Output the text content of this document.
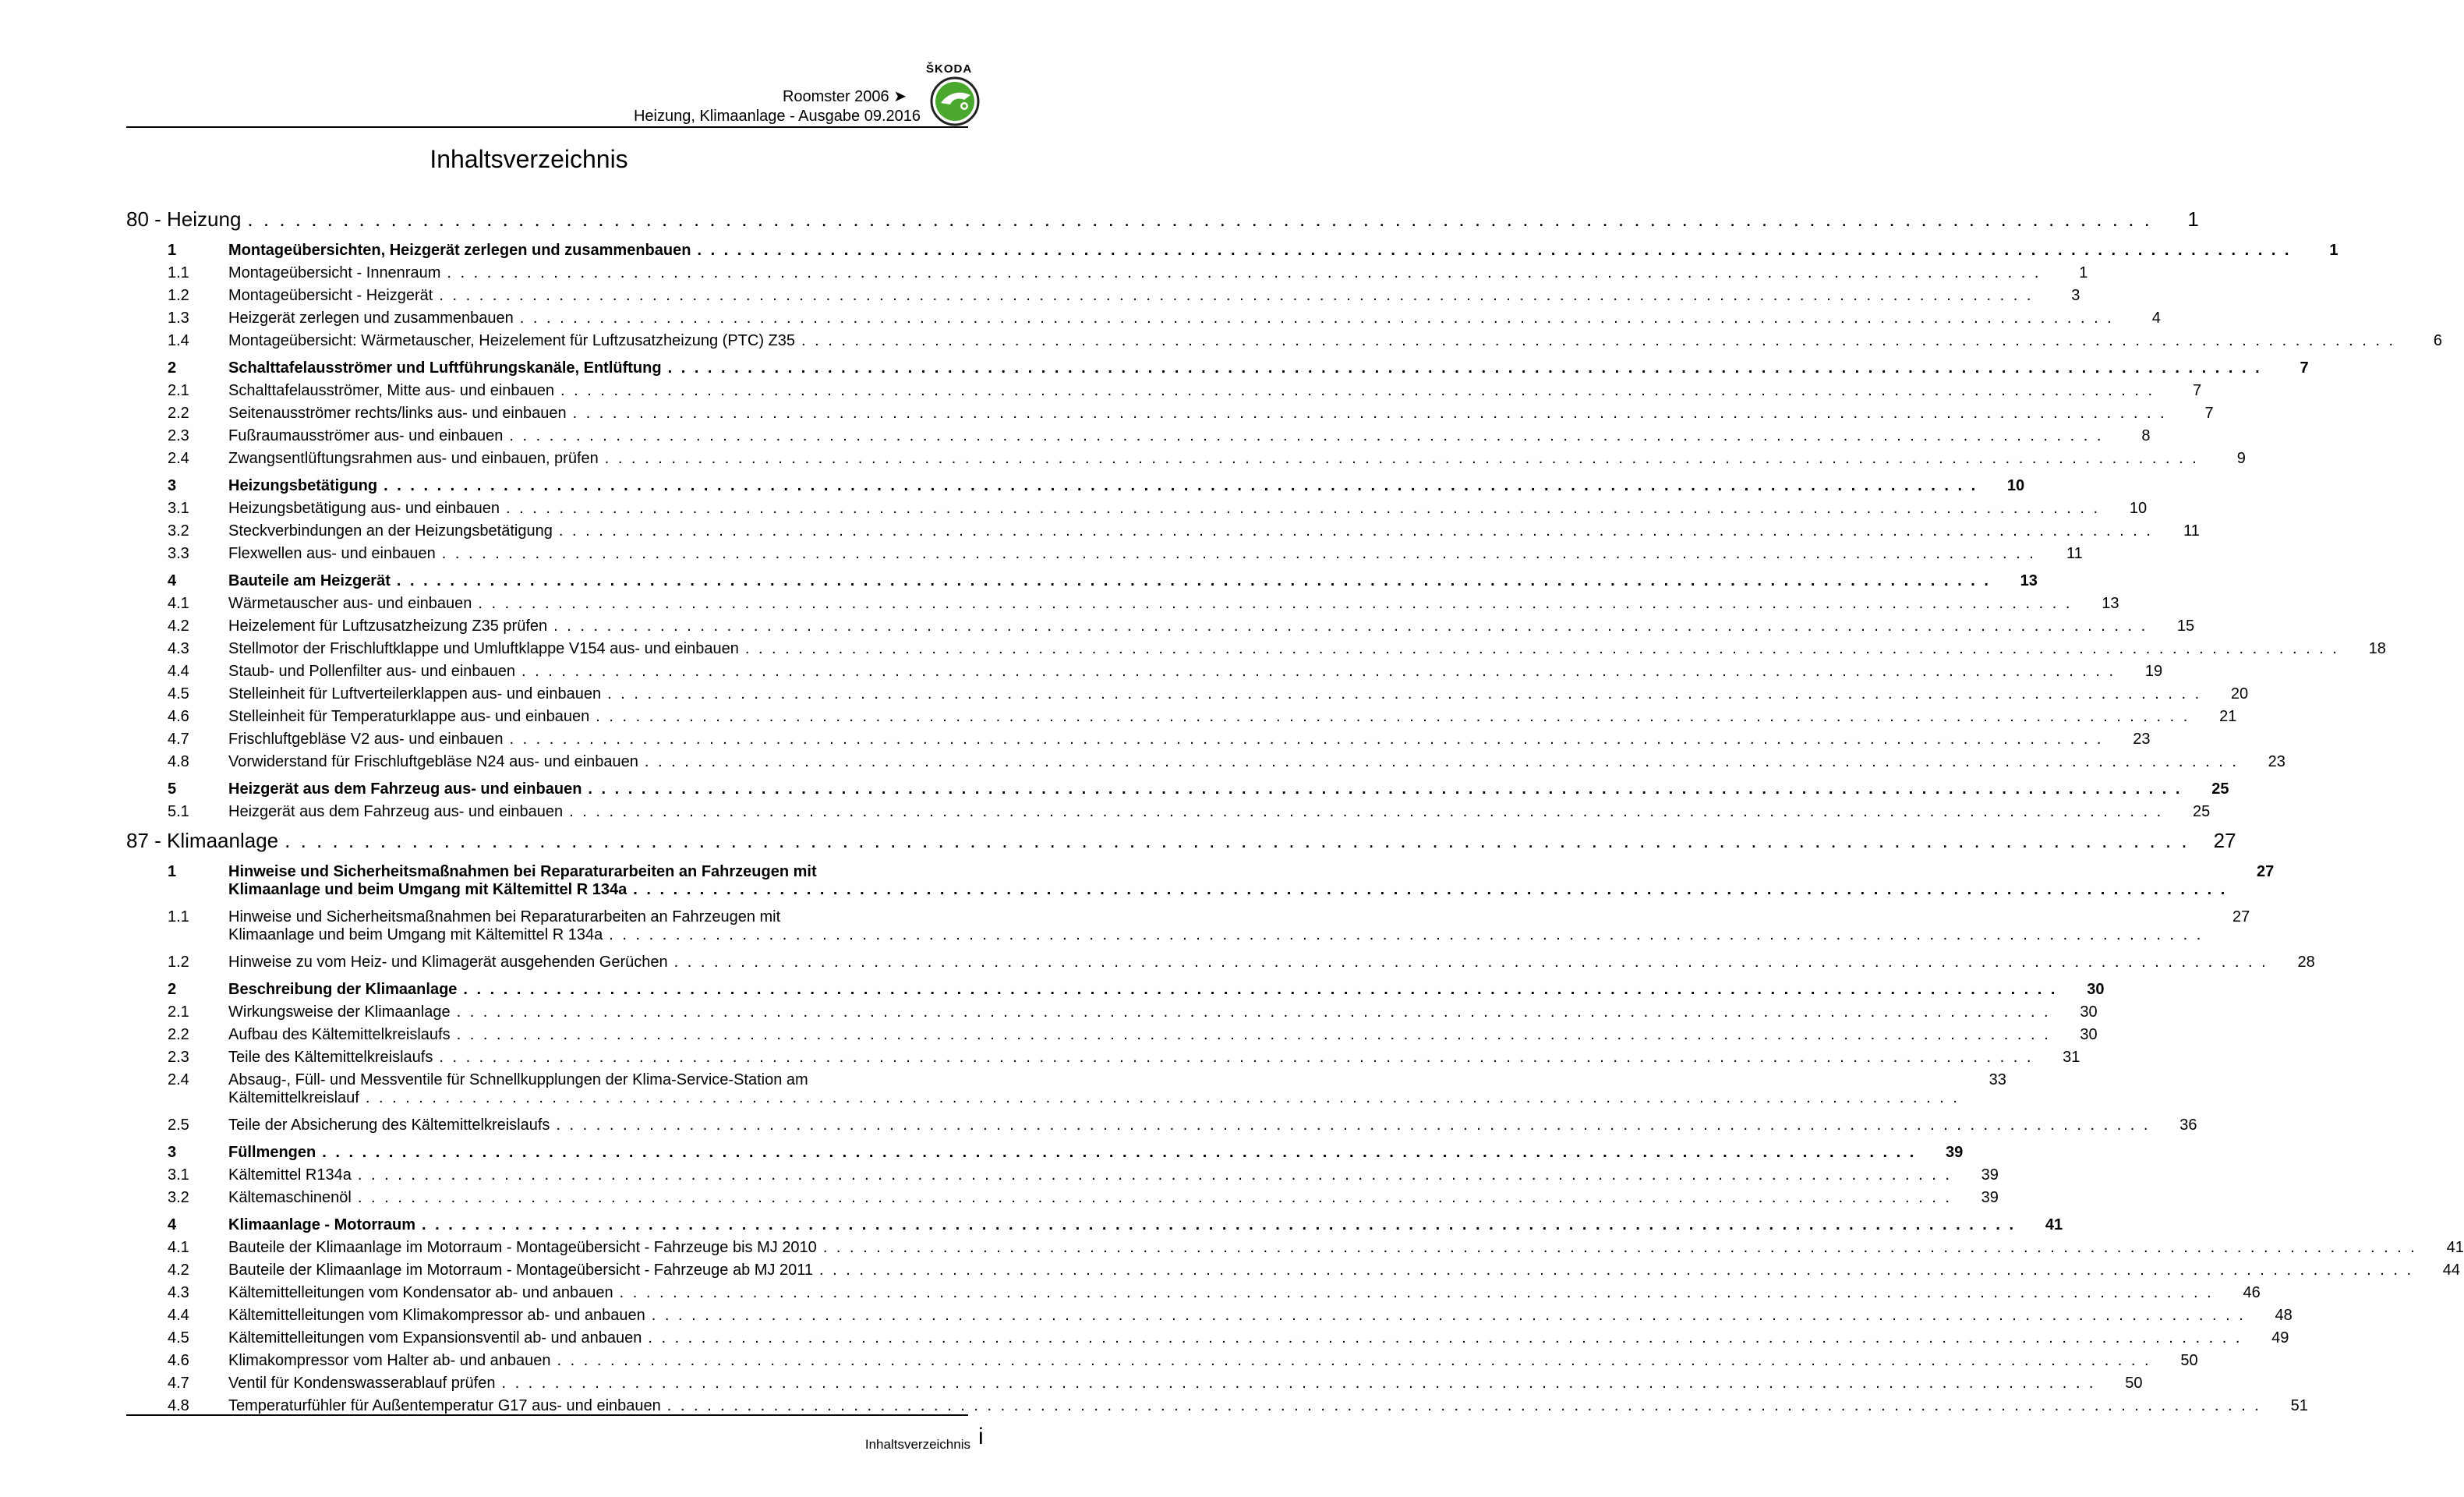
ŠKODA
Roomster 2006 ➤
Heizung, Klimaanlage - Ausgabe 09.2016
Inhaltsverzeichnis
80 - Heizung . . . . . . . . . . . . . . . . . . . . . . . . . . . . . . . . . . . . . . . . . . . . . . . . . . . . . . . . . . . . . . . . . . . . . . . . . . . . . . . . . . . . . . . . . . . . . . . . . . . . . . . . . . . . . . . . . . . . . . . .	1
1	Montageübersichten, Heizgerät zerlegen und zusammenbauen . . . . . . . . . . . . . . . . . . . . . . . . . . . . . . . . . . . . . . . . . . . . . . . . . . . . . . . . . . . . . . . . . . . . . . . . . . . . . . . . . . . . . . . . . . . . . . . . . . . . . . . . . . . . . . . . . . . . . . . .	1
1.1	Montageübersicht - Innenraum . . . . . . . . . . . . . . . . . . . . . . . . . . . . . . . . . . . . . . . . . . . . . . . . . . . . . . . . . . . . . . . . . . . . . . . . . . . . . . . . . . . . . . . . . . . . . . . . . . . . . . . . . . . . . . . . . . . . . . . .	1
1.2	Montageübersicht - Heizgerät . . . . . . . . . . . . . . . . . . . . . . . . . . . . . . . . . . . . . . . . . . . . . . . . . . . . . . . . . . . . . . . . . . . . . . . . . . . . . . . . . . . . . . . . . . . . . . . . . . . . . . . . . . . . . . . . . . . . . . . .	3
1.3	Heizgerät zerlegen und zusammenbauen . . . . . . . . . . . . . . . . . . . . . . . . . . . . . . . . . . . . . . . . . . . . . . . . . . . . . . . . . . . . . . . . . . . . . . . . . . . . . . . . . . . . . . . . . . . . . . . . . . . . . . . . . . . . . . . . . . . . . . . .	4
1.4	Montageübersicht: Wärmetauscher, Heizelement für Luftzusatzheizung (PTC) Z35 . . . . . . . . . . . . . . . . . . . . . . . . . . . . . . . . . . . . . . . . . . . . . . . . . . . . . . . . . . . . . . . . . . . . . . . . . . . . . . . . . . . . . . . . . . . . . . . . . . . . . . . . . . . . . . . . . . . . . . . .	6
2	Schalttafelausströmer und Luftführungskanäle, Entlüftung . . . . . . . . . . . . . . . . . . . . . . . . . . . . . . . . . . . . . . . . . . . . . . . . . . . . . . . . . . . . . . . . . . . . . . . . . . . . . . . . . . . . . . . . . . . . . . . . . . . . . . . . . . . . . . . . . . . . . . . .	7
2.1	Schalttafelausströmer, Mitte aus- und einbauen . . . . . . . . . . . . . . . . . . . . . . . . . . . . . . . . . . . . . . . . . . . . . . . . . . . . . . . . . . . . . . . . . . . . . . . . . . . . . . . . . . . . . . . . . . . . . . . . . . . . . . . . . . . . . . . . . . . . . . . .	7
2.2	Seitenausströmer rechts/links aus- und einbauen . . . . . . . . . . . . . . . . . . . . . . . . . . . . . . . . . . . . . . . . . . . . . . . . . . . . . . . . . . . . . . . . . . . . . . . . . . . . . . . . . . . . . . . . . . . . . . . . . . . . . . . . . . . . . . . . . . . . . . . .	7
2.3	Fußraumausströmer aus- und einbauen . . . . . . . . . . . . . . . . . . . . . . . . . . . . . . . . . . . . . . . . . . . . . . . . . . . . . . . . . . . . . . . . . . . . . . . . . . . . . . . . . . . . . . . . . . . . . . . . . . . . . . . . . . . . . . . . . . . . . . . .	8
2.4	Zwangsentlüftungsrahmen aus- und einbauen, prüfen . . . . . . . . . . . . . . . . . . . . . . . . . . . . . . . . . . . . . . . . . . . . . . . . . . . . . . . . . . . . . . . . . . . . . . . . . . . . . . . . . . . . . . . . . . . . . . . . . . . . . . . . . . . . . . . . . . . . . . . .	9
3	Heizungsbetätigung . . . . . . . . . . . . . . . . . . . . . . . . . . . . . . . . . . . . . . . . . . . . . . . . . . . . . . . . . . . . . . . . . . . . . . . . . . . . . . . . . . . . . . . . . . . . . . . . . . . . . . . . . . . . . . . . . . . . . . . .	10
3.1	Heizungsbetätigung aus- und einbauen . . . . . . . . . . . . . . . . . . . . . . . . . . . . . . . . . . . . . . . . . . . . . . . . . . . . . . . . . . . . . . . . . . . . . . . . . . . . . . . . . . . . . . . . . . . . . . . . . . . . . . . . . . . . . . . . . . . . . . . .	10
3.2	Steckverbindungen an der Heizungsbetätigung . . . . . . . . . . . . . . . . . . . . . . . . . . . . . . . . . . . . . . . . . . . . . . . . . . . . . . . . . . . . . . . . . . . . . . . . . . . . . . . . . . . . . . . . . . . . . . . . . . . . . . . . . . . . . . . . . . . . . . . .	11
3.3	Flexwellen aus- und einbauen . . . . . . . . . . . . . . . . . . . . . . . . . . . . . . . . . . . . . . . . . . . . . . . . . . . . . . . . . . . . . . . . . . . . . . . . . . . . . . . . . . . . . . . . . . . . . . . . . . . . . . . . . . . . . . . . . . . . . . . .	11
4	Bauteile am Heizgerät . . . . . . . . . . . . . . . . . . . . . . . . . . . . . . . . . . . . . . . . . . . . . . . . . . . . . . . . . . . . . . . . . . . . . . . . . . . . . . . . . . . . . . . . . . . . . . . . . . . . . . . . . . . . . . . . . . . . . . . .	13
4.1	Wärmetauscher aus- und einbauen . . . . . . . . . . . . . . . . . . . . . . . . . . . . . . . . . . . . . . . . . . . . . . . . . . . . . . . . . . . . . . . . . . . . . . . . . . . . . . . . . . . . . . . . . . . . . . . . . . . . . . . . . . . . . . . . . . . . . . . .	13
4.2	Heizelement für Luftzusatzheizung Z35 prüfen . . . . . . . . . . . . . . . . . . . . . . . . . . . . . . . . . . . . . . . . . . . . . . . . . . . . . . . . . . . . . . . . . . . . . . . . . . . . . . . . . . . . . . . . . . . . . . . . . . . . . . . . . . . . . . . . . . . . . . . .	15
4.3	Stellmotor der Frischluftklappe und Umluftklappe V154 aus- und einbauen . . . . . . . . . . . . . . . . . . . . . . . . . . . . . . . . . . . . . . . . . . . . . . . . . . . . . . . . . . . . . . . . . . . . . . . . . . . . . . . . . . . . . . . . . . . . . . . . . . . . . . . . . . . . . . . . . . . . . . . .	18
4.4	Staub- und Pollenfilter aus- und einbauen . . . . . . . . . . . . . . . . . . . . . . . . . . . . . . . . . . . . . . . . . . . . . . . . . . . . . . . . . . . . . . . . . . . . . . . . . . . . . . . . . . . . . . . . . . . . . . . . . . . . . . . . . . . . . . . . . . . . . . . .	19
4.5	Stelleinheit für Luftverteilerklappen aus- und einbauen . . . . . . . . . . . . . . . . . . . . . . . . . . . . . . . . . . . . . . . . . . . . . . . . . . . . . . . . . . . . . . . . . . . . . . . . . . . . . . . . . . . . . . . . . . . . . . . . . . . . . . . . . . . . . . . . . . . . . . . .	20
4.6	Stelleinheit für Temperaturklappe aus- und einbauen . . . . . . . . . . . . . . . . . . . . . . . . . . . . . . . . . . . . . . . . . . . . . . . . . . . . . . . . . . . . . . . . . . . . . . . . . . . . . . . . . . . . . . . . . . . . . . . . . . . . . . . . . . . . . . . . . . . . . . . .	21
4.7	Frischluftgebläse V2 aus- und einbauen . . . . . . . . . . . . . . . . . . . . . . . . . . . . . . . . . . . . . . . . . . . . . . . . . . . . . . . . . . . . . . . . . . . . . . . . . . . . . . . . . . . . . . . . . . . . . . . . . . . . . . . . . . . . . . . . . . . . . . . .	23
4.8	Vorwiderstand für Frischluftgebläse N24 aus- und einbauen . . . . . . . . . . . . . . . . . . . . . . . . . . . . . . . . . . . . . . . . . . . . . . . . . . . . . . . . . . . . . . . . . . . . . . . . . . . . . . . . . . . . . . . . . . . . . . . . . . . . . . . . . . . . . . . . . . . . . . . .	23
5	Heizgerät aus dem Fahrzeug aus- und einbauen . . . . . . . . . . . . . . . . . . . . . . . . . . . . . . . . . . . . . . . . . . . . . . . . . . . . . . . . . . . . . . . . . . . . . . . . . . . . . . . . . . . . . . . . . . . . . . . . . . . . . . . . . . . . . . . . . . . . . . . .	25
5.1	Heizgerät aus dem Fahrzeug aus- und einbauen . . . . . . . . . . . . . . . . . . . . . . . . . . . . . . . . . . . . . . . . . . . . . . . . . . . . . . . . . . . . . . . . . . . . . . . . . . . . . . . . . . . . . . . . . . . . . . . . . . . . . . . . . . . . . . . . . . . . . . . .	25
87 - Klimaanlage . . . . . . . . . . . . . . . . . . . . . . . . . . . . . . . . . . . . . . . . . . . . . . . . . . . . . . . . . . . . . . . . . . . . . . . . . . . . . . . . . . . . . . . . . . . . . . . . . . . . . . . . . . . . . . . . . . . . . . . .	27
1	Hinweise und Sicherheitsmaßnahmen bei Reparaturarbeiten an Fahrzeugen mit
Klimaanlage und beim Umgang mit Kältemittel R 134a . . . . . . . . . . . . . . . . . . . . . . . . . . . . . . . . . . . . . . . . . . . . . . . . . . . . . . . . . . . . . . . . . . . . . . . . . . . . . . . . . . . . . . . . . . . . . . . . . . . . . . . . . . . . . . . . . . . . . . . .
27
1.1	Hinweise und Sicherheitsmaßnahmen bei Reparaturarbeiten an Fahrzeugen mit
Klimaanlage und beim Umgang mit Kältemittel R 134a . . . . . . . . . . . . . . . . . . . . . . . . . . . . . . . . . . . . . . . . . . . . . . . . . . . . . . . . . . . . . . . . . . . . . . . . . . . . . . . . . . . . . . . . . . . . . . . . . . . . . . . . . . . . . . . . . . . . . . . .
27
1.2	Hinweise zu vom Heiz- und Klimagerät ausgehenden Gerüchen . . . . . . . . . . . . . . . . . . . . . . . . . . . . . . . . . . . . . . . . . . . . . . . . . . . . . . . . . . . . . . . . . . . . . . . . . . . . . . . . . . . . . . . . . . . . . . . . . . . . . . . . . . . . . . . . . . . . . . . .	28
2	Beschreibung der Klimaanlage . . . . . . . . . . . . . . . . . . . . . . . . . . . . . . . . . . . . . . . . . . . . . . . . . . . . . . . . . . . . . . . . . . . . . . . . . . . . . . . . . . . . . . . . . . . . . . . . . . . . . . . . . . . . . . . . . . . . . . . .	30
2.1	Wirkungsweise der Klimaanlage . . . . . . . . . . . . . . . . . . . . . . . . . . . . . . . . . . . . . . . . . . . . . . . . . . . . . . . . . . . . . . . . . . . . . . . . . . . . . . . . . . . . . . . . . . . . . . . . . . . . . . . . . . . . . . . . . . . . . . . .	30
2.2	Aufbau des Kältemittelkreislaufs . . . . . . . . . . . . . . . . . . . . . . . . . . . . . . . . . . . . . . . . . . . . . . . . . . . . . . . . . . . . . . . . . . . . . . . . . . . . . . . . . . . . . . . . . . . . . . . . . . . . . . . . . . . . . . . . . . . . . . . .	30
2.3	Teile des Kältemittelkreislaufs . . . . . . . . . . . . . . . . . . . . . . . . . . . . . . . . . . . . . . . . . . . . . . . . . . . . . . . . . . . . . . . . . . . . . . . . . . . . . . . . . . . . . . . . . . . . . . . . . . . . . . . . . . . . . . . . . . . . . . . .	31
2.4	Absaug-, Füll- und Messventile für Schnellkupplungen der Klima-Service-Station am
Kältemittelkreislauf . . . . . . . . . . . . . . . . . . . . . . . . . . . . . . . . . . . . . . . . . . . . . . . . . . . . . . . . . . . . . . . . . . . . . . . . . . . . . . . . . . . . . . . . . . . . . . . . . . . . . . . . . . . . . . . . . . . . . . . .
33
2.5	Teile der Absicherung des Kältemittelkreislaufs . . . . . . . . . . . . . . . . . . . . . . . . . . . . . . . . . . . . . . . . . . . . . . . . . . . . . . . . . . . . . . . . . . . . . . . . . . . . . . . . . . . . . . . . . . . . . . . . . . . . . . . . . . . . . . . . . . . . . . . .	36
3	Füllmengen . . . . . . . . . . . . . . . . . . . . . . . . . . . . . . . . . . . . . . . . . . . . . . . . . . . . . . . . . . . . . . . . . . . . . . . . . . . . . . . . . . . . . . . . . . . . . . . . . . . . . . . . . . . . . . . . . . . . . . . .	39
3.1	Kältemittel R134a . . . . . . . . . . . . . . . . . . . . . . . . . . . . . . . . . . . . . . . . . . . . . . . . . . . . . . . . . . . . . . . . . . . . . . . . . . . . . . . . . . . . . . . . . . . . . . . . . . . . . . . . . . . . . . . . . . . . . . . .	39
3.2	Kältemaschinenöl . . . . . . . . . . . . . . . . . . . . . . . . . . . . . . . . . . . . . . . . . . . . . . . . . . . . . . . . . . . . . . . . . . . . . . . . . . . . . . . . . . . . . . . . . . . . . . . . . . . . . . . . . . . . . . . . . . . . . . . .	39
4	Klimaanlage - Motorraum . . . . . . . . . . . . . . . . . . . . . . . . . . . . . . . . . . . . . . . . . . . . . . . . . . . . . . . . . . . . . . . . . . . . . . . . . . . . . . . . . . . . . . . . . . . . . . . . . . . . . . . . . . . . . . . . . . . . . . . .	41
4.1	Bauteile der Klimaanlage im Motorraum - Montageübersicht - Fahrzeuge bis MJ 2010 . . . . . . . . . . . . . . . . . . . . . . . . . . . . . . . . . . . . . . . . . . . . . . . . . . . . . . . . . . . . . . . . . . . . . . . . . . . . . . . . . . . . . . . . . . . . . . . . . . . . . . . . . . . . . . . . . . . . . . . .	41
4.2	Bauteile der Klimaanlage im Motorraum - Montageübersicht - Fahrzeuge ab MJ 2011 . . . . . . . . . . . . . . . . . . . . . . . . . . . . . . . . . . . . . . . . . . . . . . . . . . . . . . . . . . . . . . . . . . . . . . . . . . . . . . . . . . . . . . . . . . . . . . . . . . . . . . . . . . . . . . . . . . . . . . . .	44
4.3	Kältemittelleitungen vom Kondensator ab- und anbauen . . . . . . . . . . . . . . . . . . . . . . . . . . . . . . . . . . . . . . . . . . . . . . . . . . . . . . . . . . . . . . . . . . . . . . . . . . . . . . . . . . . . . . . . . . . . . . . . . . . . . . . . . . . . . . . . . . . . . . . .	46
4.4	Kältemittelleitungen vom Klimakompressor ab- und anbauen . . . . . . . . . . . . . . . . . . . . . . . . . . . . . . . . . . . . . . . . . . . . . . . . . . . . . . . . . . . . . . . . . . . . . . . . . . . . . . . . . . . . . . . . . . . . . . . . . . . . . . . . . . . . . . . . . . . . . . . .	48
4.5	Kältemittelleitungen vom Expansionsventil ab- und anbauen . . . . . . . . . . . . . . . . . . . . . . . . . . . . . . . . . . . . . . . . . . . . . . . . . . . . . . . . . . . . . . . . . . . . . . . . . . . . . . . . . . . . . . . . . . . . . . . . . . . . . . . . . . . . . . . . . . . . . . . .	49
4.6	Klimakompressor vom Halter ab- und anbauen . . . . . . . . . . . . . . . . . . . . . . . . . . . . . . . . . . . . . . . . . . . . . . . . . . . . . . . . . . . . . . . . . . . . . . . . . . . . . . . . . . . . . . . . . . . . . . . . . . . . . . . . . . . . . . . . . . . . . . . .	50
4.7	Ventil für Kondenswasserablauf prüfen . . . . . . . . . . . . . . . . . . . . . . . . . . . . . . . . . . . . . . . . . . . . . . . . . . . . . . . . . . . . . . . . . . . . . . . . . . . . . . . . . . . . . . . . . . . . . . . . . . . . . . . . . . . . . . . . . . . . . . . .	50
4.8	Temperaturfühler für Außentemperatur G17 aus- und einbauen . . . . . . . . . . . . . . . . . . . . . . . . . . . . . . . . . . . . . . . . . . . . . . . . . . . . . . . . . . . . . . . . . . . . . . . . . . . . . . . . . . . . . . . . . . . . . . . . . . . . . . . . . . . . . . . . . . . . . . . .	51
Inhaltsverzeichnis i
